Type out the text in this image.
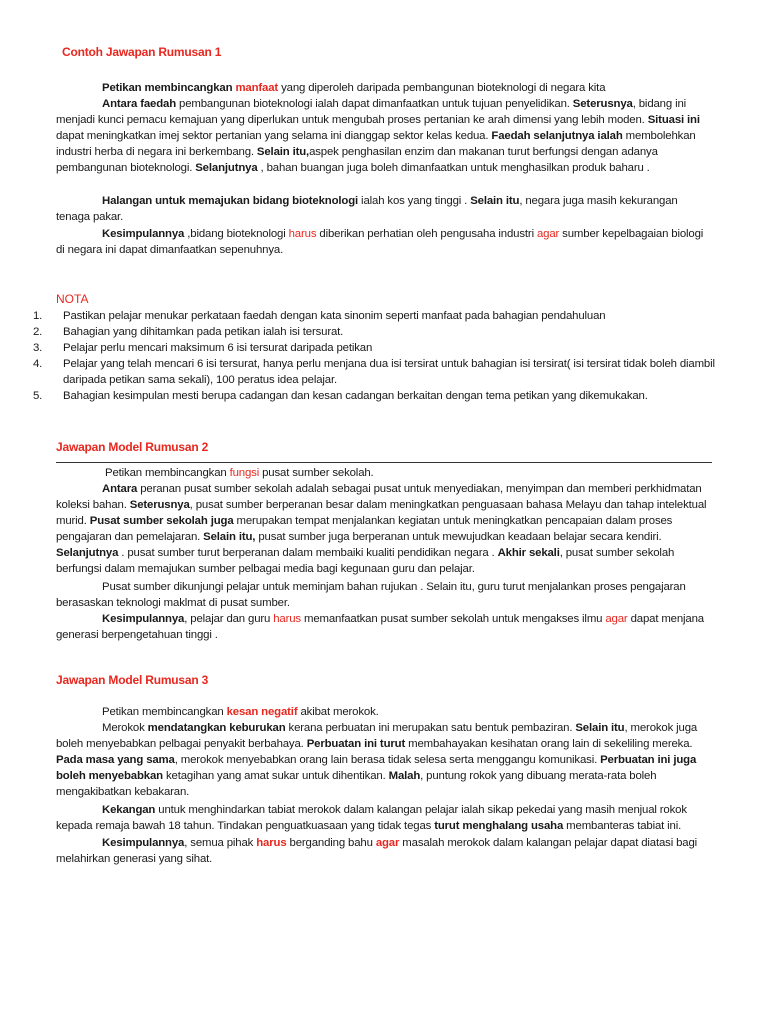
Contoh Jawapan Rumusan 1
Petikan membincangkan manfaat yang diperoleh daripada pembangunan bioteknologi di negara kita
Antara faedah pembangunan bioteknologi ialah dapat dimanfaatkan untuk tujuan penyelidikan. Seterusnya, bidang ini menjadi kunci pemacu kemajuan yang diperlukan untuk mengubah proses pertanian ke arah dimensi yang lebih moden. Situasi ini dapat meningkatkan imej sektor pertanian yang selama ini dianggap sektor kelas kedua. Faedah selanjutnya ialah membolehkan industri herba di negara ini berkembang. Selain itu,aspek penghasilan enzim dan makanan turut berfungsi dengan adanya pembangunan bioteknologi. Selanjutnya , bahan buangan juga boleh dimanfaatkan untuk menghasilkan produk baharu .
Halangan untuk memajukan bidang bioteknologi ialah kos yang tinggi . Selain itu, negara juga masih kekurangan tenaga pakar.
Kesimpulannya ,bidang bioteknologi harus diberikan perhatian oleh pengusaha industri agar sumber kepelbagaian biologi di negara ini dapat dimanfaatkan sepenuhnya.
NOTA
1. Pastikan pelajar menukar perkataan faedah dengan kata sinonim seperti manfaat pada bahagian pendahuluan
2. Bahagian yang dihitamkan pada petikan ialah isi tersurat.
3. Pelajar perlu mencari maksimum 6 isi tersurat daripada petikan
4. Pelajar yang telah mencari 6 isi tersurat, hanya perlu menjana dua isi tersirat untuk bahagian isi tersirat( isi tersirat tidak boleh diambil daripada petikan sama sekali), 100 peratus idea pelajar.
5. Bahagian kesimpulan mesti berupa cadangan dan kesan cadangan berkaitan dengan tema petikan yang dikemukakan.
Jawapan Model Rumusan 2
Petikan membincangkan fungsi pusat sumber sekolah.
Antara peranan pusat sumber sekolah adalah sebagai pusat untuk menyediakan, menyimpan dan memberi perkhidmatan koleksi bahan. Seterusnya, pusat sumber berperanan besar dalam meningkatkan penguasaan bahasa Melayu dan tahap intelektual murid. Pusat sumber sekolah juga merupakan tempat menjalankan kegiatan untuk meningkatkan pencapaian dalam proses pengajaran dan pemelajaran. Selain itu, pusat sumber juga berperanan untuk mewujudkan keadaan belajar secara kendiri. Selanjutnya . pusat sumber turut berperanan dalam membaiki kualiti pendidikan negara . Akhir sekali, pusat sumber sekolah berfungsi dalam memajukan sumber pelbagai media bagi kegunaan guru dan pelajar.
Pusat sumber dikunjungi pelajar untuk meminjam bahan rujukan . Selain itu, guru turut menjalankan proses pengajaran berasaskan teknologi maklmat di pusat sumber.
Kesimpulannya, pelajar dan guru harus memanfaatkan pusat sumber sekolah untuk mengakses ilmu agar dapat menjana generasi berpengetahuan tinggi .
Jawapan Model Rumusan 3
Petikan membincangkan kesan negatif akibat merokok.
Merokok mendatangkan keburukan kerana perbuatan ini merupakan satu bentuk pembaziran. Selain itu, merokok juga boleh menyebabkan pelbagai penyakit berbahaya. Perbuatan ini turut membahayakan kesihatan orang lain di sekeliling mereka. Pada masa yang sama, merokok menyebabkan orang lain berasa tidak selesa serta menggangu komunikasi. Perbuatan ini juga boleh menyebabkan ketagihan yang amat sukar untuk dihentikan. Malah, puntung rokok yang dibuang merata-rata boleh mengakibatkan kebakaran.
Kekangan untuk menghindarkan tabiat merokok dalam kalangan pelajar ialah sikap pekedai yang masih menjual rokok kepada remaja bawah 18 tahun. Tindakan penguatkuasaan yang tidak tegas turut menghalang usaha membanteras tabiat ini.
Kesimpulannya, semua pihak harus berganding bahu agar masalah merokok dalam kalangan pelajar dapat diatasi bagi melahirkan generasi yang sihat.
